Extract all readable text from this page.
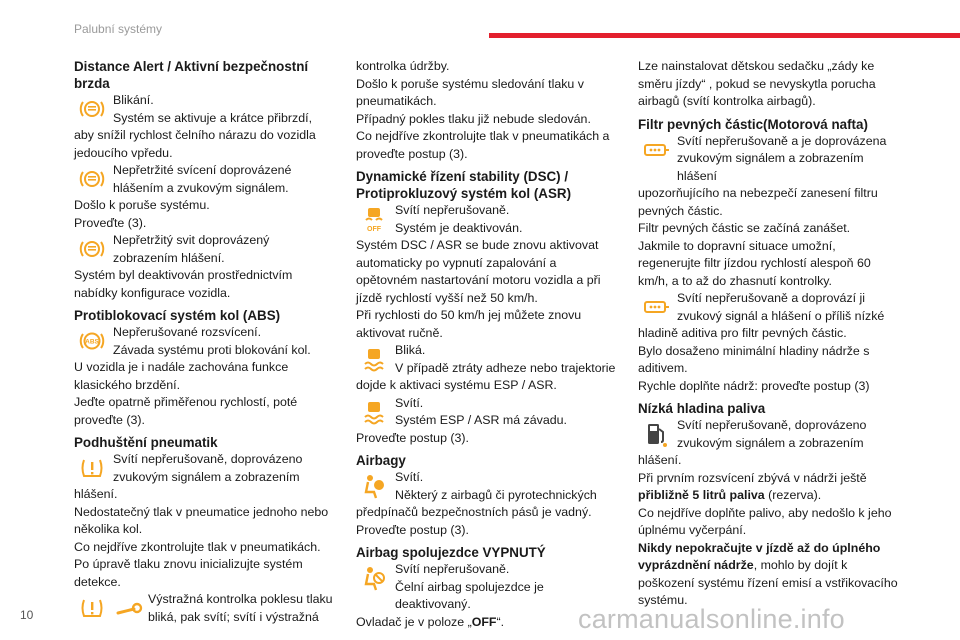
Palubní systémy
Distance Alert / Aktivní bezpečnostní brzda

Blikání.

Systém se aktivuje a krátce přibrzdí,

aby snížil rychlost čelního nárazu do vozidla jedoucího vpředu.

Nepřetržité svícení doprovázené hlášením a zvukovým signálem.

Došlo k poruše systému.

Proveďte (3).

Nepřetržitý svit doprovázený zobrazením hlášení.

Systém byl deaktivován prostřednictvím nabídky konfigurace vozidla.

Protiblokovací systém kol (ABS)
ABS

Nepřerušované rozsvícení.

Závada systému proti blokování kol.

U vozidla je i nadále zachována funkce klasického brzdění.

Jeďte opatrně přiměřenou rychlostí, poté proveďte (3).

Podhuštění pneumatik

Svítí nepřerušovaně, doprovázeno zvukovým signálem a zobrazením

hlášení.

Nedostatečný tlak v pneumatice jednoho nebo několika kol.

Co nejdříve zkontrolujte tlak v pneumatikách.

Po úpravě tlaku znovu inicializujte systém detekce.

Výstražná kontrolka poklesu tlaku bliká, pak svítí; svítí i výstražná

kontrolka údržby.

Došlo k poruše systému sledování tlaku v pneumatikách.

Případný pokles tlaku již nebude sledován.

Co nejdříve zkontrolujte tlak v pneumatikách a proveďte postup (3).

Dynamické řízení stability (DSC) / Protiprokluzový systém kol (ASR)
OFF

Svítí nepřerušovaně.

Systém je deaktivován.

Systém DSC / ASR se bude znovu aktivovat automaticky po vypnutí zapalování a opětovném nastartování motoru vozidla a při jízdě rychlostí vyšší než 50 km/h.

Při rychlosti do 50 km/h jej můžete znovu aktivovat ručně.

Bliká.

V případě ztráty adheze nebo trajektorie

dojde k aktivaci systému ESP / ASR.

Svítí.

Systém ESP / ASR má závadu.

Proveďte postup (3).

Airbagy

Svítí.

Některý z airbagů či pyrotechnických

předpínačů bezpečnostních pásů je vadný.

Proveďte postup (3).

Airbag spolujezdce VYPNUTÝ

Svítí nepřerušovaně.

Čelní airbag spolujezdce je deaktivovaný.

Ovladač je v poloze „OFF“.

Lze nainstalovat dětskou sedačku „zády ke směru jízdy“ , pokud se nevyskytla porucha airbagů (svítí kontrolka airbagů).

Filtr pevných částic(Motorová nafta)

Svítí nepřerušovaně a je doprovázena zvukovým signálem a zobrazením hlášení

upozorňujícího na nebezpečí zanesení filtru pevných částic.

Filtr pevných částic se začíná zanášet.

Jakmile to dopravní situace umožní, regenerujte filtr jízdou rychlostí alespoň 60 km/h, a to až do zhasnutí kontrolky.

Svítí nepřerušovaně a doprovází ji zvukový signál a hlášení o příliš nízké

hladině aditiva pro filtr pevných částic.

Bylo dosaženo minimální hladiny nádrže s aditivem.

Rychle doplňte nádrž: proveďte postup (3)

Nízká hladina paliva

Svítí nepřerušovaně, doprovázeno zvukovým signálem a zobrazením

hlášení.

Při prvním rozsvícení zbývá v nádrži ještě

přibližně 5 litrů paliva (rezerva).

Co nejdříve doplňte palivo, aby nedošlo k jeho úplnému vyčerpání.

Nikdy nepokračujte v jízdě až do úplného vyprázdnění nádrže, mohlo by dojít k poškození systému řízení emisí a vstřikovacího systému.

10	carmanualsonline.info
